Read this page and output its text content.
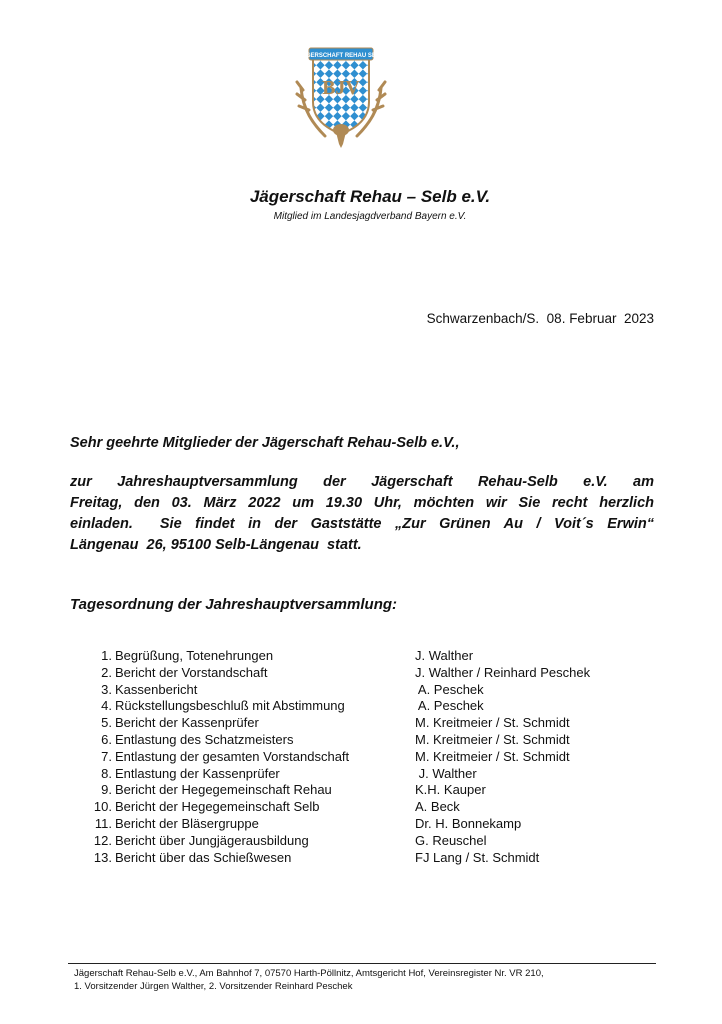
JÄGERSCHAFT REHAU SELB
BJV
Jägerschaft Rehau – Selb e.V.
Mitglied im Landesjagdverband Bayern e.V.
Schwarzenbach/S.  08. Februar  2023
Sehr geehrte Mitglieder der Jägerschaft Rehau-Selb e.V.,

zur Jahreshauptversammlung der Jägerschaft Rehau-Selb e.V. am
Freitag, den 03. März 2022 um 19.30 Uhr, möchten wir Sie recht herzlich
einladen.  Sie findet in der Gaststätte „Zur Grünen Au / Voit´s Erwin“
Längenau  26, 95100 Selb-Längenau  statt.

Tagesordnung der Jahreshauptversammlung:
1. Begrüßung, Totenehrungen	J. Walther
2. Bericht der Vorstandschaft	J. Walther / Reinhard Peschek
3. Kassenbericht	A. Peschek
4. Rückstellungsbeschluß mit Abstimmung	A. Peschek
5. Bericht der Kassenprüfer	M. Kreitmeier / St. Schmidt
6. Entlastung des Schatzmeisters	M. Kreitmeier / St. Schmidt
7. Entlastung der gesamten Vorstandschaft	M. Kreitmeier / St. Schmidt
8. Entlastung der Kassenprüfer	J. Walther
9. Bericht der Hegegemeinschaft Rehau	K.H. Kauper
10. Bericht der Hegegemeinschaft Selb	A. Beck
11. Bericht der Bläsergruppe	Dr. H. Bonnekamp
12. Bericht über Jungjägerausbildung	G. Reuschel
13. Bericht über das Schießwesen	FJ Lang / St. Schmidt
Jägerschaft Rehau-Selb e.V., Am Bahnhof 7, 07570 Harth-Pöllnitz, Amtsgericht Hof, Vereinsregister Nr. VR 210,
1. Vorsitzender Jürgen Walther, 2. Vorsitzender Reinhard Peschek
